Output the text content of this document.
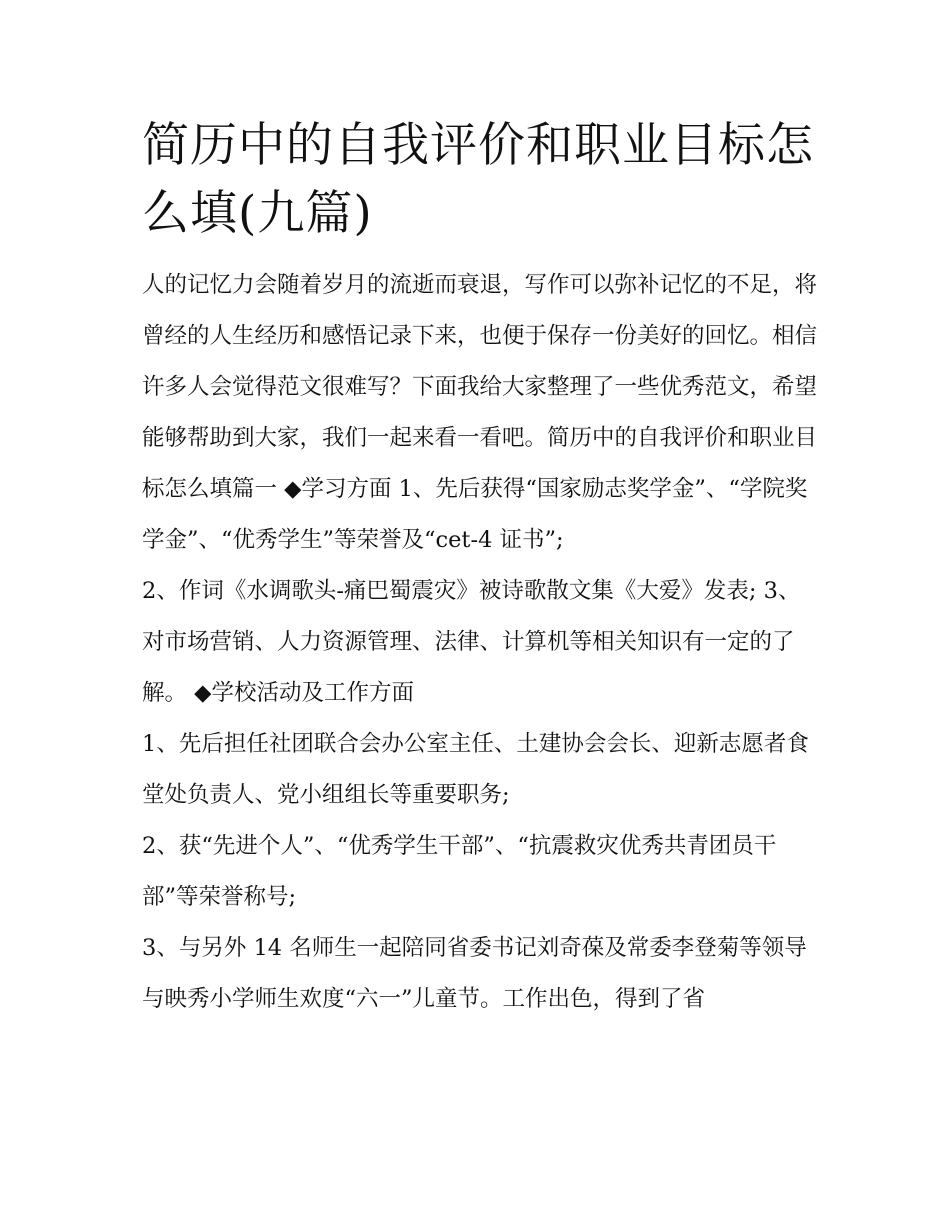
简历中的自我评价和职业目标怎么填(九篇)

人的记忆力会随着岁月的流逝而衰退，写作可以弥补记忆的不足，将曾经的人生经历和感悟记录下来，也便于保存一份美好的回忆。相信许多人会觉得范文很难写？下面我给大家整理了一些优秀范文，希望能够帮助到大家，我们一起来看一看吧。简历中的自我评价和职业目标怎么填篇一 ◆学习方面 1、先后获得“国家励志奖学金”、“学院奖学金”、“优秀学生”等荣誉及“cet-4 证书”;

2、作词《水调歌头-痛巴蜀震灾》被诗歌散文集《大爱》发表; 3、对市场营销、人力资源管理、法律、计算机等相关知识有一定的了解。 ◆学校活动及工作方面

1、先后担任社团联合会办公室主任、土建协会会长、迎新志愿者食堂处负责人、党小组组长等重要职务;

2、获“先进个人”、“优秀学生干部”、“抗震救灾优秀共青团员干部”等荣誉称号;

3、与另外 14 名师生一起陪同省委书记刘奇葆及常委李登菊等领导与映秀小学师生欢度“六一”儿童节。工作出色，得到了省
